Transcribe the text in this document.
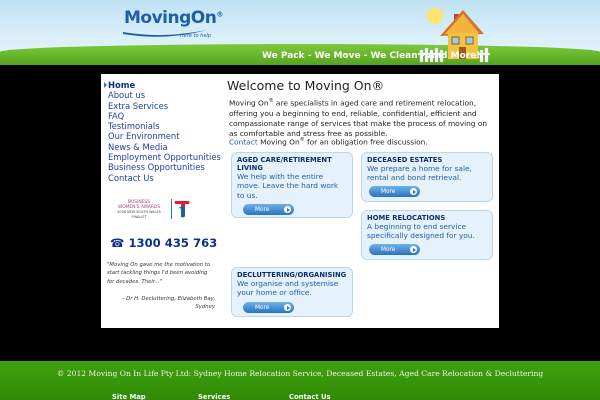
MovingOn®
Here to help
We Pack - We Move - We Clean - And More!
Home
About us
Extra Services
FAQ
Testimonials
Our Environment
News & Media
Employment Opportunities
Business Opportunities
Contact Us
BUSINESS
WOMEN'S AWARDS
2006 NEW SOUTH WALES FINALIST
☎ 1300 435 763
"Moving On gave me the motivation to start tackling things I'd been avoiding for decades. Their..."
– Dr H. Decluttering, Elizabeth Bay, Sydney
Welcome to Moving On®

Moving On® are specialists in aged care and retirement relocation, offering you a beginning to end, reliable, confidential, efficient and compassionate range of services that make the process of moving on as comfortable and stress free as possible.

Contact Moving On® for an obligation free discussion.

AGED CARE/RETIREMENT LIVING
We help with the entire move. Leave the hard work to us.
More
DECEASED ESTATES
We prepare a home for sale, rental and bond retrieval.
More
HOME RELOCATIONS
A beginning to end service specifically designed for you.
More
DECLUTTERING/ORGANISING
We organise and systemise your home or office.
More
© 2012 Moving On In Life Pty Ltd: Sydney Home Relocation Service, Deceased Estates, Aged Care Relocation & Decluttering
Site Map	Services	Contact Us
